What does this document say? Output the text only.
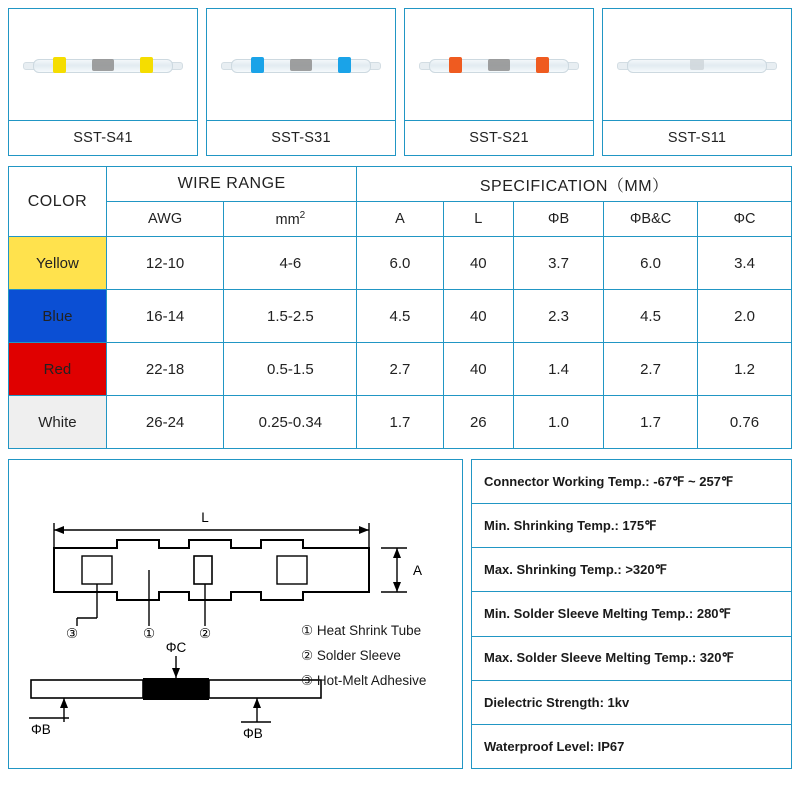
SST-S41	SST-S31	SST-S21	SST-S11
COLOR	WIRE RANGE		SPECIFICATION（MM）				
	AWG	$mm^2$	A	L	ΦB	ΦB&C	ΦC
Yellow	12-10	4-6	6.0	40	3.7	6.0	3.4
Blue	16-14	1.5-2.5	4.5	40	2.3	4.5	2.0
Red	22-18	0.5-1.5	2.7	40	1.4	2.7	1.2
White	26-24	0.25-0.34	1.7	26	1.0	1.7	0.76
L
A
③	①	②
ΦC
ΦB	ΦB
① Heat Shrink Tube
② Solder Sleeve
③ Hot-Melt Adhesive
Connector Working Temp.: -67℉ ~ 257℉
Min. Shrinking Temp.: 175℉
Max. Shrinking Temp.: >320℉
Min. Solder Sleeve Melting Temp.: 280℉
Max. Solder Sleeve Melting Temp.: 320℉
Dielectric Strength: 1kv
Waterproof Level: IP67
